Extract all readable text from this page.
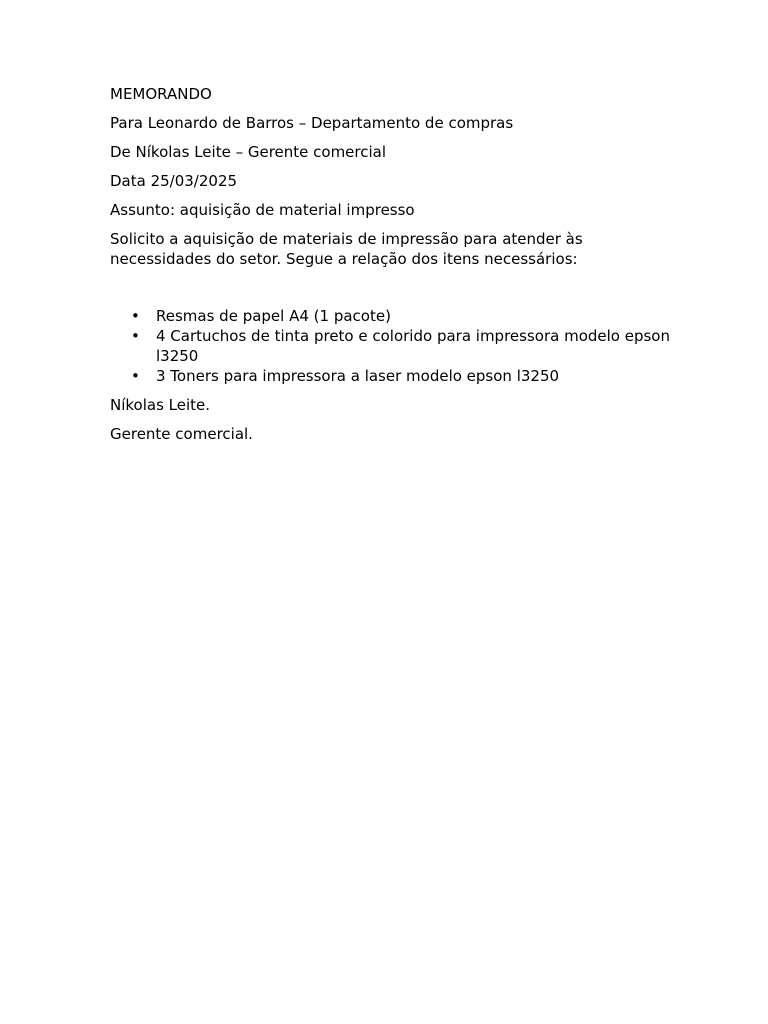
MEMORANDO

Para Leonardo de Barros – Departamento de compras

De Níkolas Leite – Gerente comercial

Data 25/03/2025

Assunto: aquisição de material impresso

Solicito a aquisição de materiais de impressão para atender às necessidades do setor. Segue a relação dos itens necessários:

• Resmas de papel A4 (1 pacote)
• 4 Cartuchos de tinta preto e colorido para impressora modelo epson l3250
• 3 Toners para impressora a laser modelo epson l3250

Níkolas Leite.

Gerente comercial.
